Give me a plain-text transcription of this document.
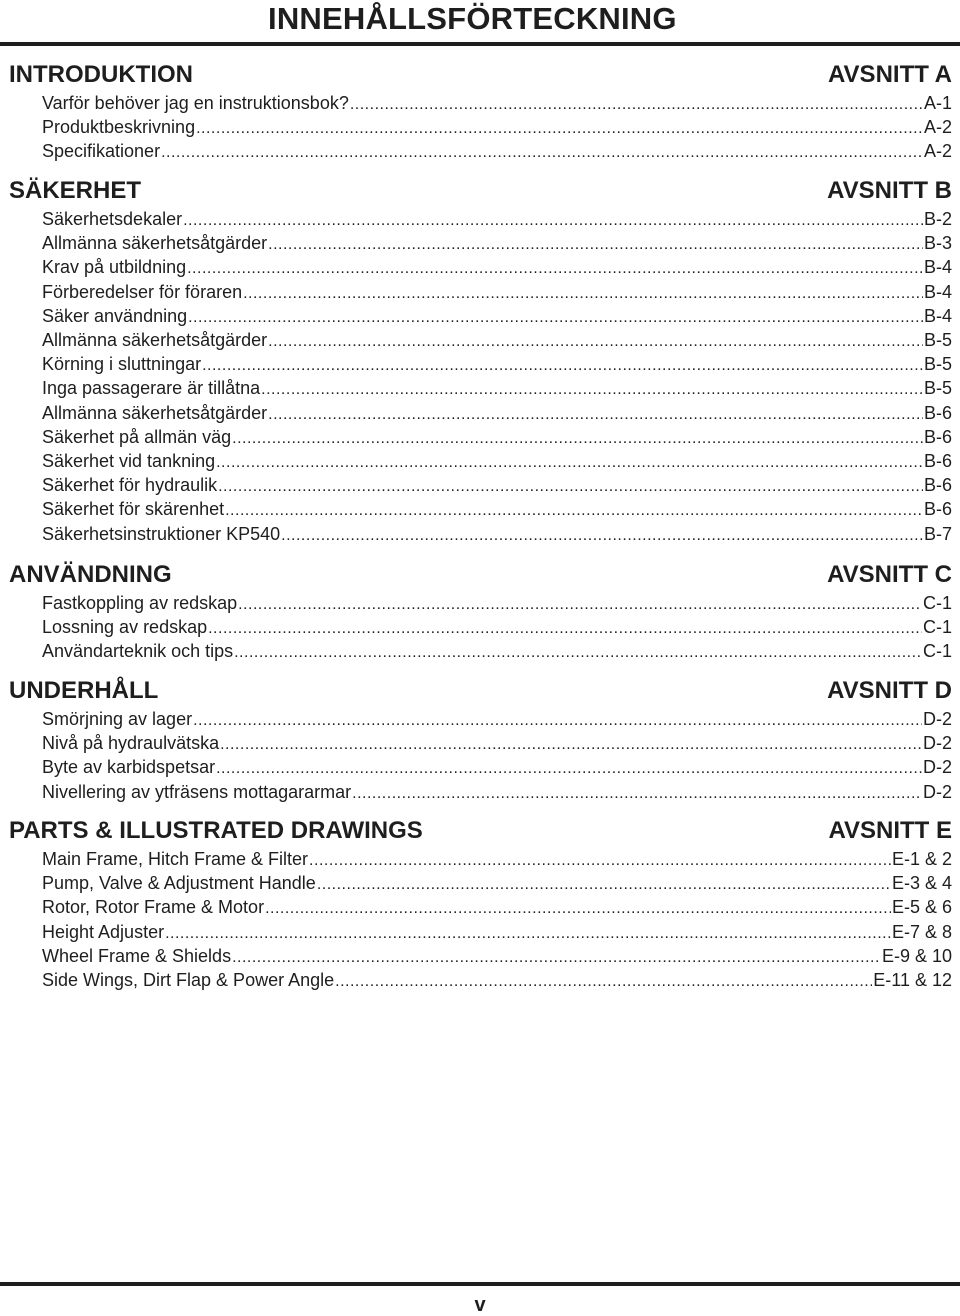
INNEHÅLLSFÖRTECKNING
INTRODUKTION	AVSNITT A
Varför behöver jag en instruktionsbok? .....	A-1
Produktbeskrivning .....	A-2
Specifikationer .....	A-2
SÄKERHET	AVSNITT B
Säkerhetsdekaler .....	B-2
Allmänna säkerhetsåtgärder .....	B-3
Krav på utbildning .....	B-4
Förberedelser för föraren .....	B-4
Säker användning .....	B-4
Allmänna säkerhetsåtgärder .....	B-5
Körning i sluttningar .....	B-5
Inga passagerare är tillåtna .....	B-5
Allmänna säkerhetsåtgärder .....	B-6
Säkerhet på allmän väg .....	B-6
Säkerhet vid tankning .....	B-6
Säkerhet för hydraulik .....	B-6
Säkerhet för skärenhet .....	B-6
Säkerhetsinstruktioner KP540 .....	B-7
ANVÄNDNING	AVSNITT C
Fastkoppling av redskap .....	C-1
Lossning av redskap .....	C-1
Användarteknik och tips .....	C-1
UNDERHÅLL	AVSNITT D
Smörjning av lager .....	D-2
Nivå på hydraulvätska .....	D-2
Byte av karbidspetsar .....	D-2
Nivellering av ytfräsens mottagararmar .....	D-2
PARTS & ILLUSTRATED DRAWINGS	AVSNITT E
Main Frame, Hitch Frame & Filter .....	E-1 & 2
Pump, Valve & Adjustment Handle .....	E-3 & 4
Rotor, Rotor Frame & Motor .....	E-5 & 6
Height Adjuster .....	E-7 & 8
Wheel Frame & Shields .....	E-9 & 10
Side Wings, Dirt Flap & Power Angle .....	E-11 & 12
v
